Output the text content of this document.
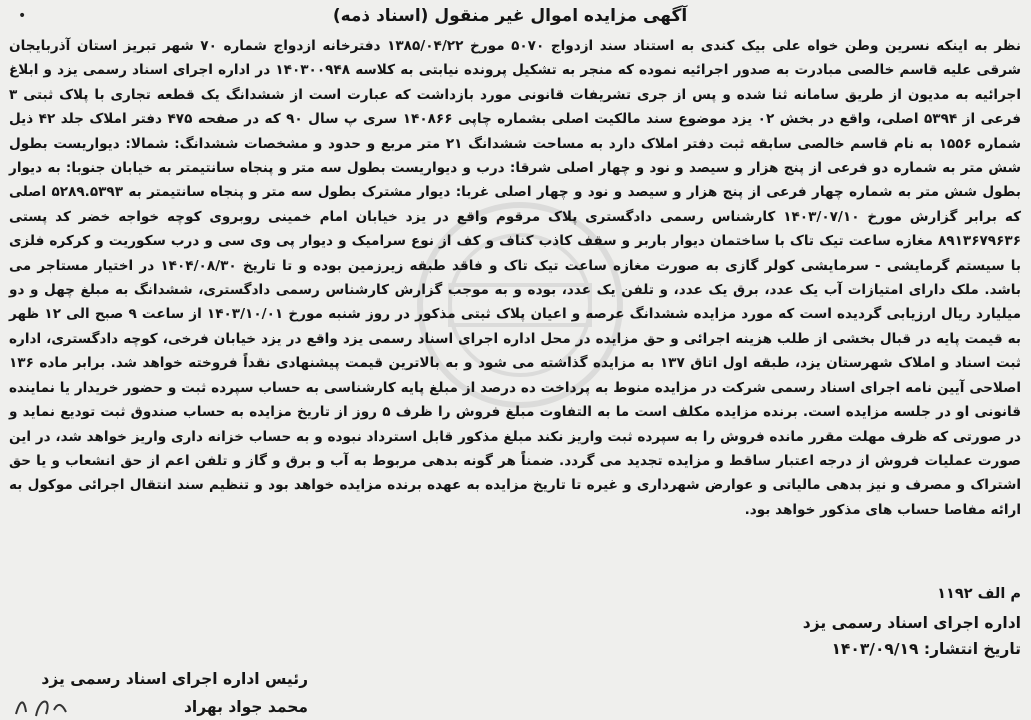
•	آگهی مزایده اموال غیر منقول (اسناد ذمه)
نظر به اینکه نسرین وطن خواه علی بیک کندی به استناد سند ازدواج ۵۰۷۰ مورخ ۱۳۸۵/۰۴/۲۲ دفترخانه ازدواج شماره ۷۰ شهر تبریز استان آذربایجان شرقی علیه قاسم خالصی مبادرت به صدور اجرائیه نموده که منجر به تشکیل پرونده نیابتی به کلاسه ۱۴۰۳۰۰۹۴۸ در اداره اجرای اسناد رسمی یزد و ابلاغ اجرائیه به مدیون از طریق سامانه ثنا شده و پس از جری تشریفات قانونی مورد بازداشت که عبارت است از ششدانگ یک قطعه تجاری با پلاک ثبتی ۳ فرعی از ۵۳۹۴ اصلی، واقع در بخش ۰۲ یزد موضوع سند مالکیت اصلی بشماره چاپی ۱۴۰۸۶۶ سری پ سال ۹۰ که در صفحه ۴۷۵ دفتر املاک جلد ۴۲ ذیل شماره ۱۵۵۶ به نام قاسم خالصی سابقه ثبت دفتر املاک دارد به مساحت ششدانگ ۲۱ متر مربع و حدود و مشخصات ششدانگ: شمالا: دیواریست بطول شش متر به شماره دو فرعی از پنج هزار و سیصد و نود و چهار اصلی شرقا: درب و دیواریست بطول سه متر و پنجاه سانتیمتر به خیابان جنوبا: به دیوار بطول شش متر به شماره چهار فرعی از پنج هزار و سیصد و نود و چهار اصلی غربا: دیوار مشترک بطول سه متر و پنجاه سانتیمتر به ۵۲۸۹.۵۳۹۳ اصلی که برابر گزارش مورخ ۱۴۰۳/۰۷/۱۰ کارشناس رسمی دادگستری پلاک مرقوم واقع در یزد خیابان امام خمینی روبروی کوچه خواجه خضر کد پستی ۸۹۱۳۶۷۹۶۳۶ مغازه ساعت تیک تاک با ساختمان دیوار باربر و سقف کاذب کناف و کف از نوع سرامیک و دیوار پی وی سی و درب سکوریت و کرکره فلزی با سیستم گرمایشی - سرمایشی کولر گازی به صورت مغازه ساعت تیک تاک و فاقد طبقه زیرزمین بوده و تا تاریخ ۱۴۰۴/۰۸/۳۰ در اختیار مستاجر می باشد. ملک دارای امتیازات آب یک عدد، برق یک عدد، و تلفن یک عدد، بوده و به موجب گزارش کارشناس رسمی دادگستری، ششدانگ به مبلغ چهل و دو میلیارد ریال ارزیابی گردیده است که مورد مزایده ششدانگ عرصه و اعیان پلاک ثبتی مذکور در روز شنبه مورخ ۱۴۰۳/۱۰/۰۱ از ساعت ۹ صبح الی ۱۲ ظهر به قیمت پایه در قبال بخشی از طلب هزینه اجرائی و حق مزایده در محل اداره اجرای اسناد رسمی یزد واقع در یزد خیابان فرخی، کوچه دادگستری، اداره ثبت اسناد و املاک شهرستان یزد، طبقه اول اتاق ۱۳۷ به مزایده گذاشته می شود و به بالاترین قیمت پیشنهادی نقداً فروخته خواهد شد. برابر ماده ۱۳۶ اصلاحی آیین نامه اجرای اسناد رسمی شرکت در مزایده منوط به پرداخت ده درصد از مبلغ پایه کارشناسی به حساب سپرده ثبت و حضور خریدار یا نماینده قانونی او در جلسه مزایده است. برنده مزایده مکلف است ما به التفاوت مبلغ فروش را ظرف ۵ روز از تاریخ مزایده به حساب صندوق ثبت تودیع نماید و در صورتی که ظرف مهلت مقرر مانده فروش را به سپرده ثبت واریز نکند مبلغ مذکور قابل استرداد نبوده و به حساب خزانه داری واریز خواهد شد، در این صورت عملیات فروش از درجه اعتبار ساقط و مزایده تجدید می گردد. ضمناً هر گونه بدهی مربوط به آب و برق و گاز و تلفن اعم از حق انشعاب و یا حق اشتراک و مصرف و نیز بدهی مالیاتی و عوارض شهرداری و غیره تا تاریخ مزایده به عهده برنده مزایده خواهد بود و تنظیم سند انتقال اجرائی موکول به ارائه مفاصا حساب های مذکور خواهد بود.
م الف ۱۱۹۲
اداره اجرای اسناد رسمی یزد
تاریخ انتشار: ۱۴۰۳/۰۹/۱۹
رئیس اداره اجرای اسناد رسمی یزد
محمد جواد بهراد
